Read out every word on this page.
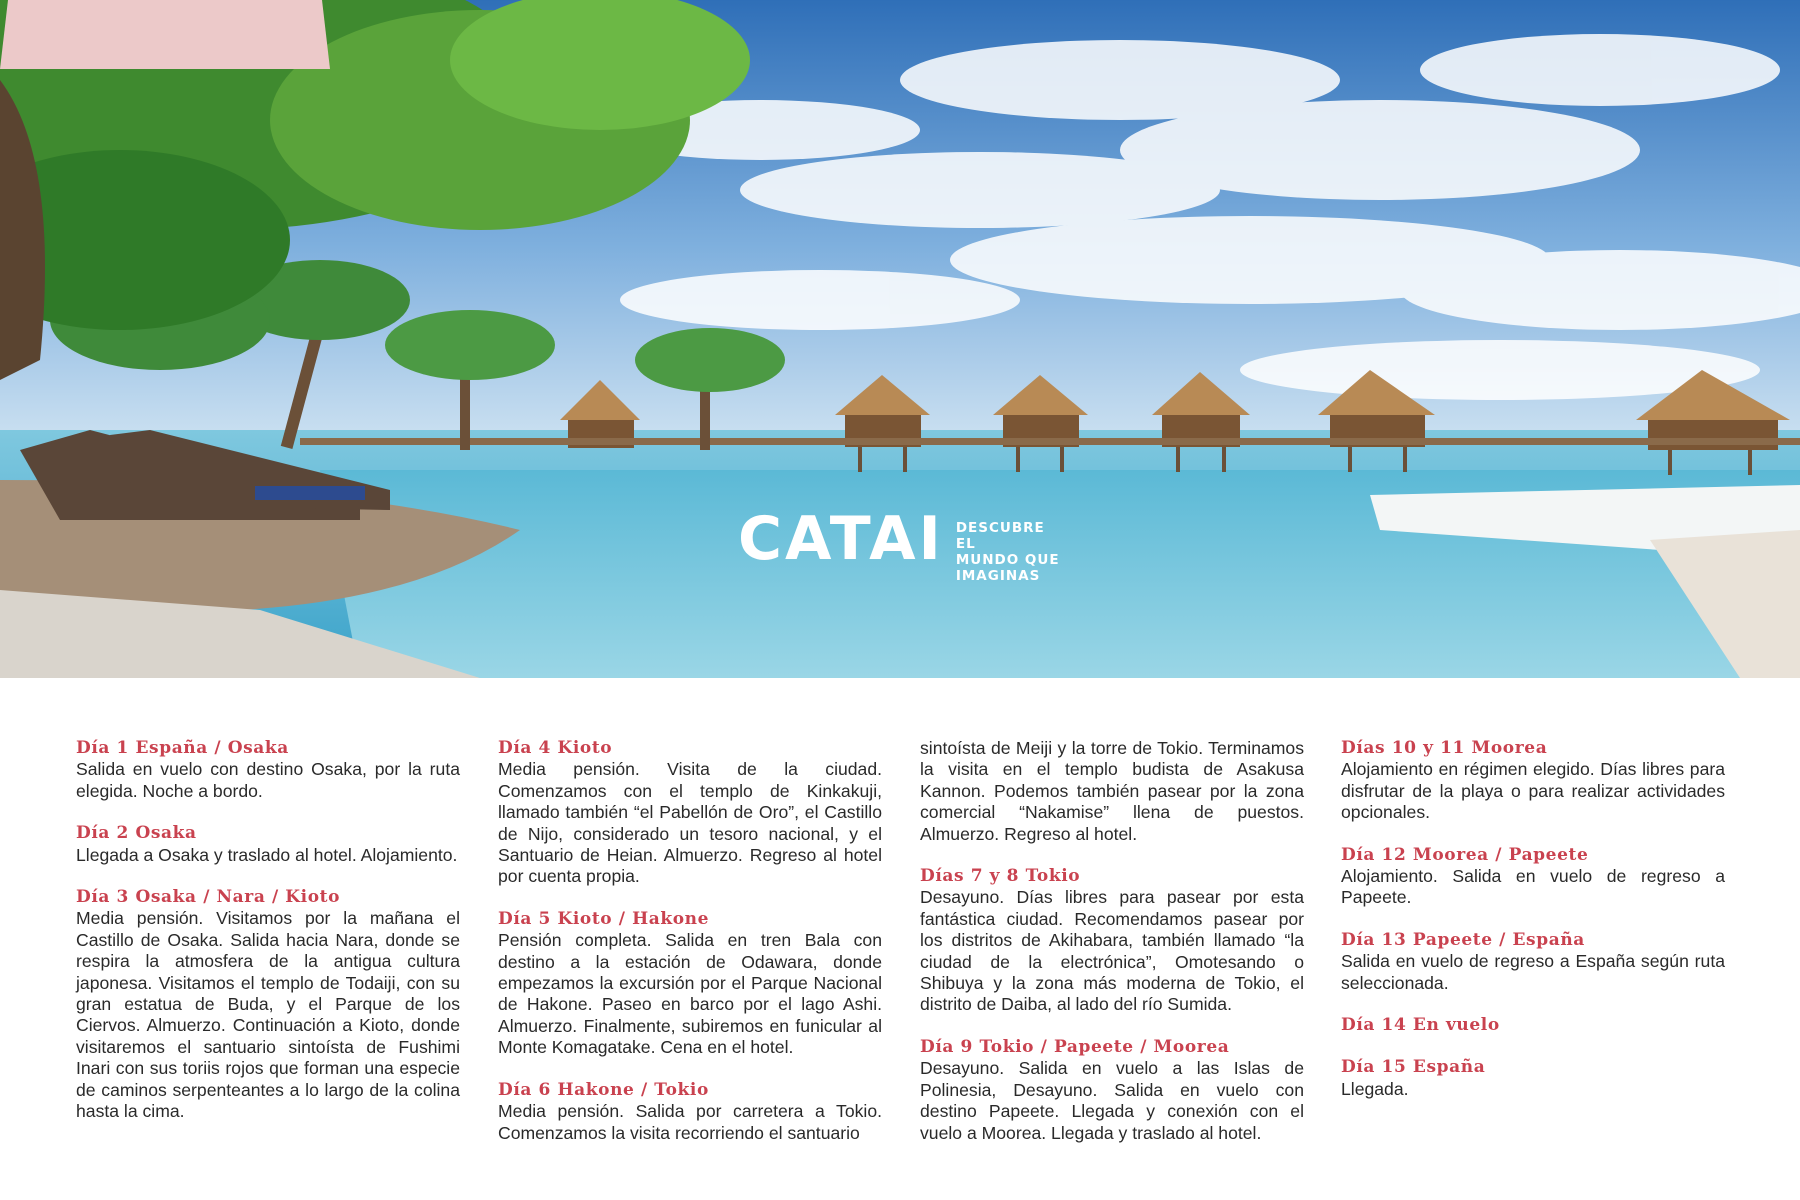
CATAI DESCUBRE EL
MUNDO QUE
IMAGINAS
Día 1 España / Osaka
Salida en vuelo con destino Osaka, por la ruta elegida. Noche a bordo.
Día 2 Osaka
Llegada a Osaka y traslado al hotel. Alojamiento.
Día 3 Osaka / Nara / Kioto
Media pensión. Visitamos por la mañana el Castillo de Osaka. Salida hacia Nara, donde se respira la atmosfera de la antigua cultura japonesa. Visitamos el templo de Todaiji, con su gran estatua de Buda, y el Parque de los Ciervos. Almuerzo. Continuación a Kioto, donde visitaremos el santuario sintoísta de Fushimi Inari con sus toriis rojos que forman una especie de caminos serpenteantes a lo largo de la colina hasta la cima.
Día 4 Kioto
Media pensión. Visita de la ciudad. Comenzamos con el templo de Kinkakuji, llamado también “el Pabellón de Oro”, el Castillo de Nijo, considerado un tesoro nacional, y el Santuario de Heian. Almuerzo. Regreso al hotel por cuenta propia.
Día 5 Kioto / Hakone
Pensión completa. Salida en tren Bala con destino a la estación de Odawara, donde empezamos la excursión por el Parque Nacional de Hakone. Paseo en barco por el lago Ashi. Almuerzo. Finalmente, subiremos en funicular al Monte Komagatake. Cena en el hotel.
Día 6 Hakone / Tokio
Media pensión. Salida por carretera a Tokio. Comenzamos la visita recorriendo el santuario
sintoísta de Meiji y la torre de Tokio. Terminamos la visita en el templo budista de Asakusa Kannon. Podemos también pasear por la zona comercial “Nakamise” llena de puestos. Almuerzo. Regreso al hotel.
Días 7 y 8 Tokio
Desayuno. Días libres para pasear por esta fantástica ciudad. Recomendamos pasear por los distritos de Akihabara, también llamado “la ciudad de la electrónica”, Omotesando o Shibuya y la zona más moderna de Tokio, el distrito de Daiba, al lado del río Sumida.
Día 9 Tokio / Papeete / Moorea
Desayuno. Salida en vuelo a las Islas de Polinesia, Desayuno. Salida en vuelo con destino Papeete. Llegada y conexión con el vuelo a Moorea. Llegada y traslado al hotel.
Días 10 y 11 Moorea
Alojamiento en régimen elegido. Días libres para disfrutar de la playa o para realizar actividades opcionales.
Día 12 Moorea / Papeete
Alojamiento. Salida en vuelo de regreso a Papeete.
Día 13 Papeete / España
Salida en vuelo de regreso a España según ruta seleccionada.
Día 14 En vuelo
Día 15 España
Llegada.
